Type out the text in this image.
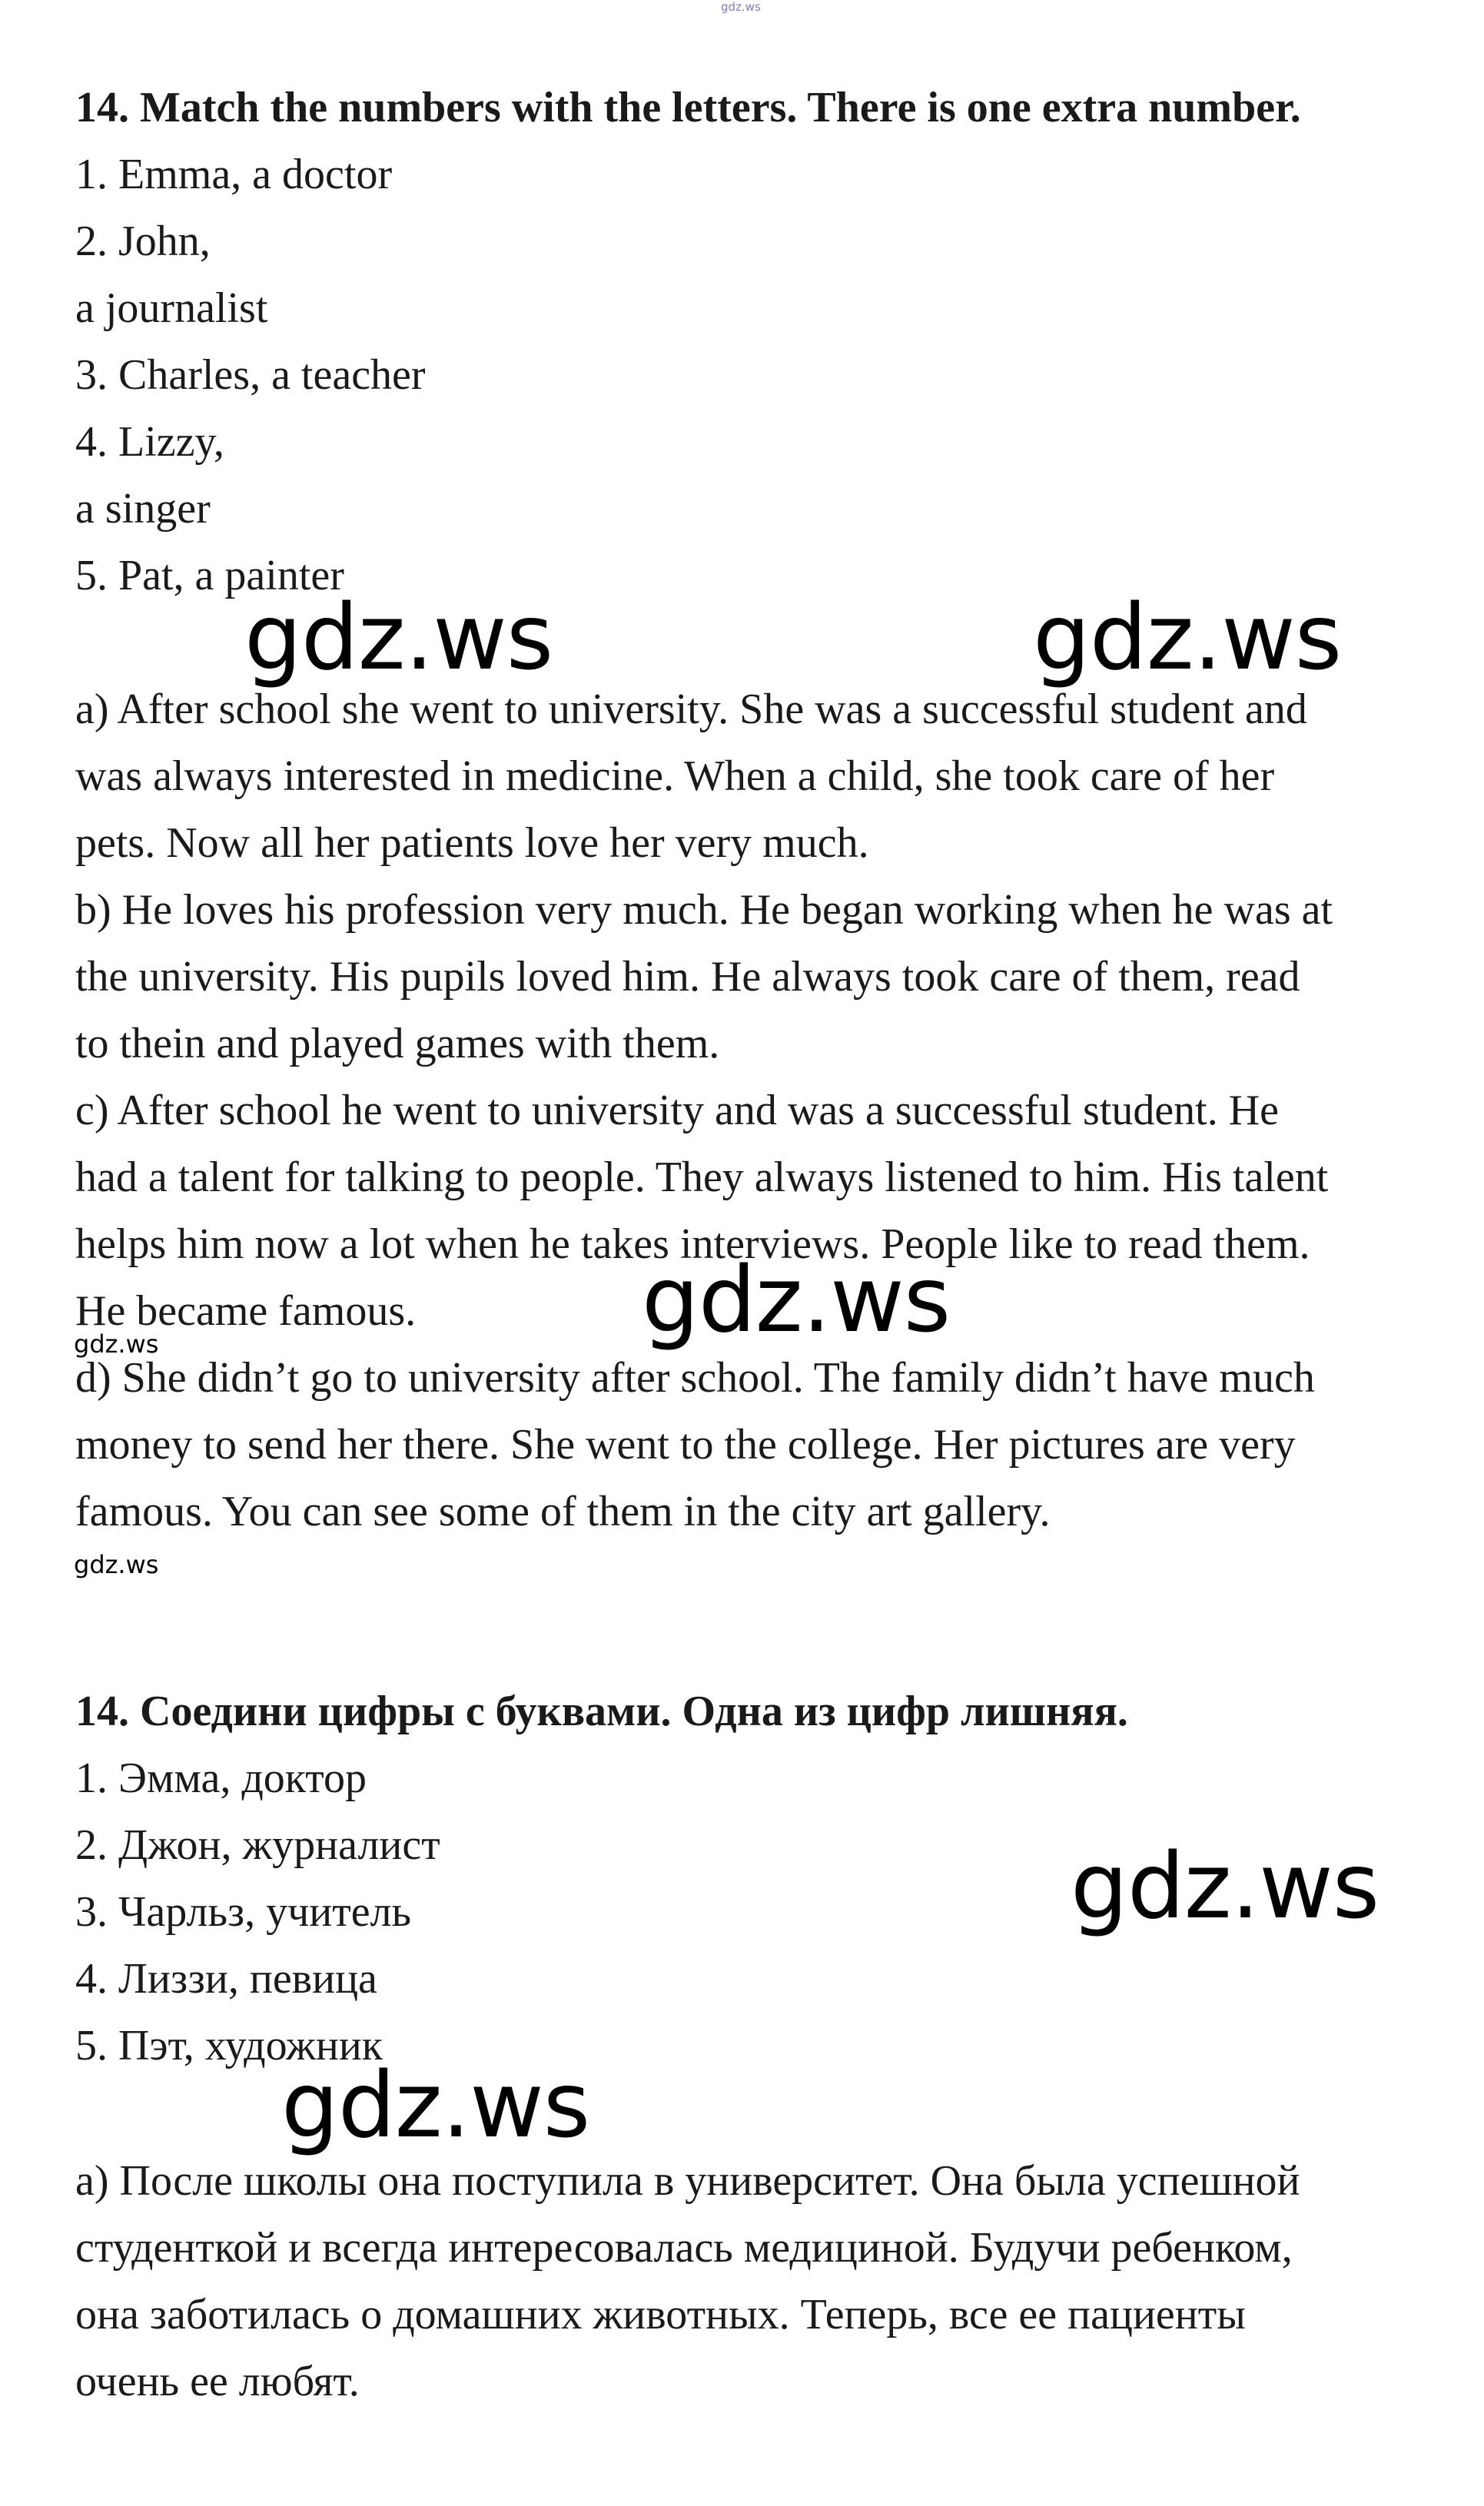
gdz.ws
14. Match the numbers with the letters. There is one extra number.
1. Emma, a doctor
2. John,
a journalist
3. Charles, a teacher
4. Lizzy,
a singer
5. Pat, a painter
gdz.ws	gdz.ws
a) After school she went to university. She was a successful student and
was always interested in medicine. When a child, she took care of her
pets. Now all her patients love her very much.
b) He loves his profession very much. He began working when he was at
the university. His pupils loved him. He always took care of them, read
to thein and played games with them.
c) After school he went to university and was a successful student. He
had a talent for talking to people. They always listened to him. His talent
helps him now a lot when he takes interviews. People like to read them.
He became famous. gdz.ws
gdz.ws
d) She didn’t go to university after school. The family didn’t have much
money to send her there. She went to the college. Her pictures are very
famous. You can see some of them in the city art gallery.
gdz.ws
14. Соедини цифры с буквами. Одна из цифр лишняя.
1. Эмма, доктор
2. Джон, журналист
3. Чарльз, учитель
4. Лиззи, певица
5. Пэт, художник
gdz.ws
gdz.ws
а) После школы она поступила в университет. Она была успешной
студенткой и всегда интересовалась медициной. Будучи ребенком,
она заботилась о домашних животных. Теперь, все ее пациенты
очень ее любят.
